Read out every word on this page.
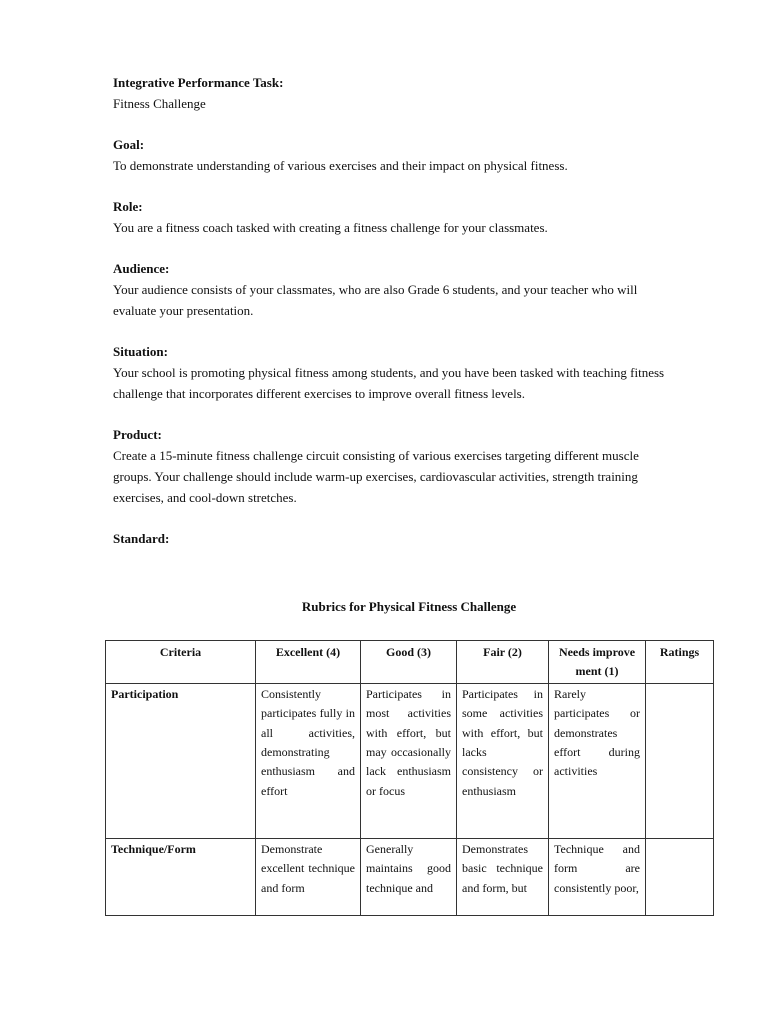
Integrative Performance Task:

Fitness Challenge

Goal:

To demonstrate understanding of various exercises and their impact on physical fitness.

Role:

You are a fitness coach tasked with creating a fitness challenge for your classmates.

Audience:

Your audience consists of your classmates, who are also Grade 6 students, and your teacher who will evaluate your presentation.

Situation:

Your school is promoting physical fitness among students, and you have been tasked with teaching fitness challenge that incorporates different exercises to improve overall fitness levels.

Product:

Create a 15-minute fitness challenge circuit consisting of various exercises targeting different muscle groups. Your challenge should include warm-up exercises, cardiovascular activities, strength training exercises, and cool-down stretches.

Standard:

Rubrics for Physical Fitness Challenge

Criteria	Excellent (4)	Good (3)	Fair (2)	Needs improvement (1)	Ratings
Participation	Consistently participates fully in all activities, demonstrating enthusiasm and effort	Participates in most activities with effort, but may occasionally lack enthusiasm or focus	Participates in some activities with effort, but lacks consistency or enthusiasm	Rarely participates or demonstrates effort during activities	
Technique/Form	Demonstrate excellent technique and form	Generally maintains good technique and	Demonstrates basic technique and form, but	Technique and form are consistently poor,	
